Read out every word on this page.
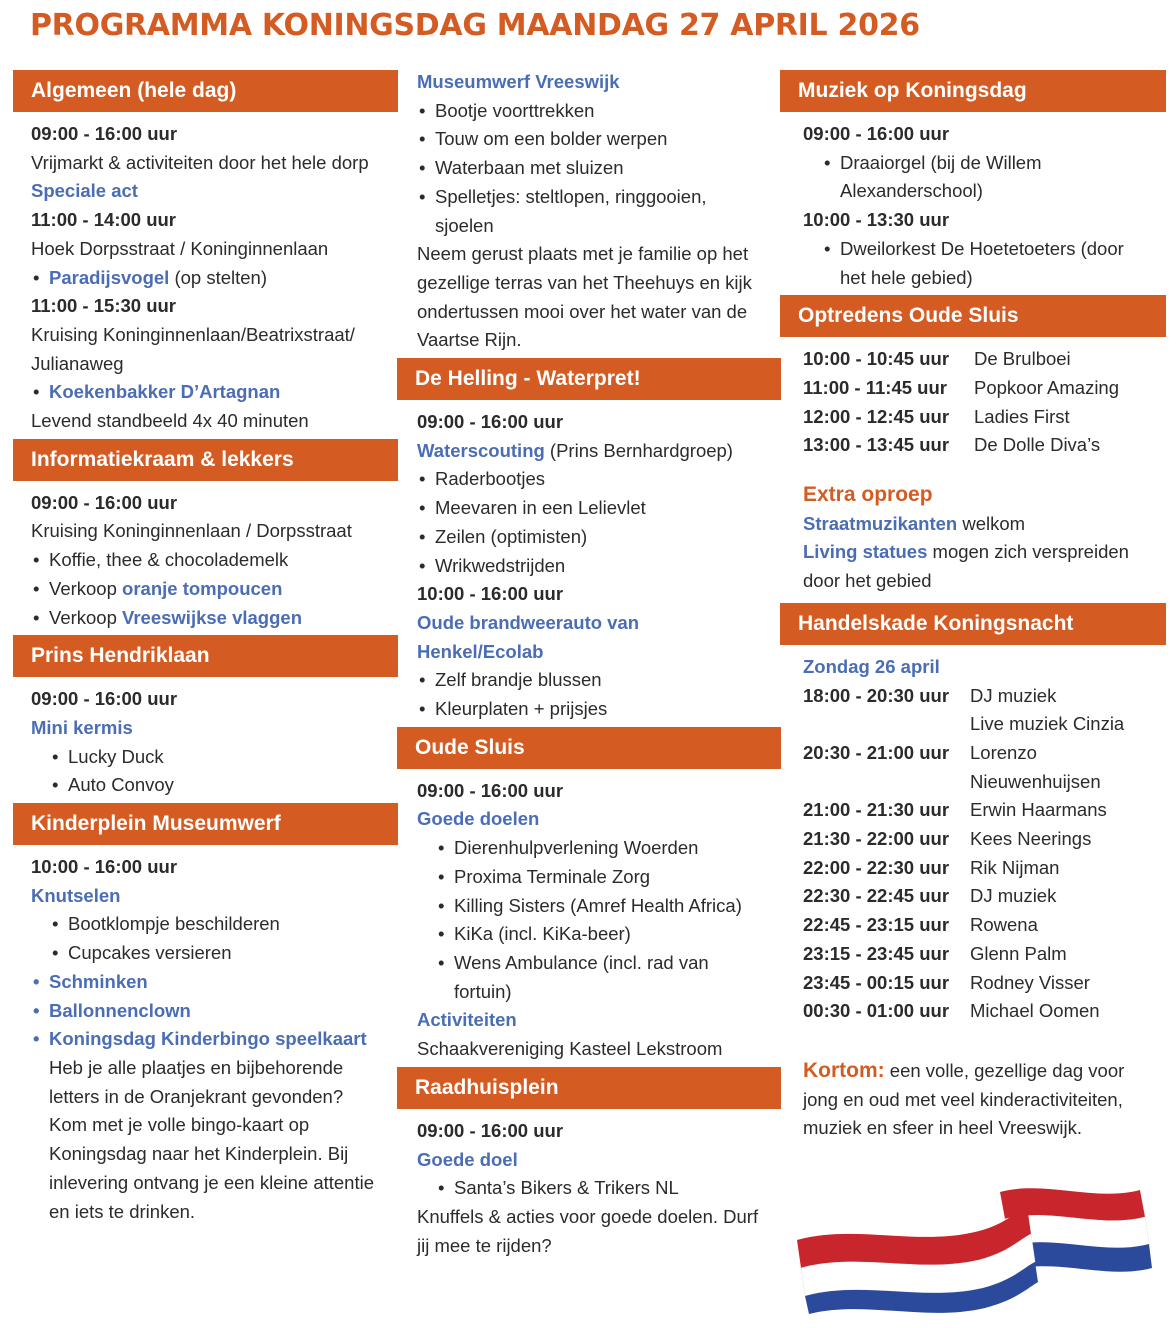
PROGRAMMA KONINGSDAG MAANDAG 27 APRIL 2026
Algemeen (hele dag)
09:00 - 16:00 uur
Vrijmarkt & activiteiten door het hele dorp
Speciale act
11:00 - 14:00 uur
Hoek Dorpsstraat / Koninginnenlaan
• Paradijsvogel (op stelten)
11:00 - 15:30 uur
Kruising Koninginnenlaan/Beatrixstraat/ Julianaweg
• Koekenbakker D’Artagnan
Levend standbeeld 4x 40 minuten
Informatiekraam & lekkers
09:00 - 16:00 uur
Kruising Koninginnenlaan / Dorpsstraat
• Koffie, thee & chocolademelk
• Verkoop oranje tompoucen
• Verkoop Vreeswijkse vlaggen
Prins Hendriklaan
09:00 - 16:00 uur
Mini kermis
• Lucky Duck
• Auto Convoy
Kinderplein Museumwerf
10:00 - 16:00 uur
Knutselen
• Bootklompje beschilderen
• Cupcakes versieren
• Schminken
• Ballonnenclown
• Koningsdag Kinderbingo speelkaart
Heb je alle plaatjes en bijbehorende letters in de Oranjekrant gevonden? Kom met je volle bingo-kaart op Koningsdag naar het Kinderplein. Bij inlevering ontvang je een kleine attentie en iets te drinken.
Museumwerf Vreeswijk
• Bootje voorttrekken
• Touw om een bolder werpen
• Waterbaan met sluizen
• Spelletjes: steltlopen, ringgooien, sjoelen
Neem gerust plaats met je familie op het gezellige terras van het Theehuys en kijk ondertussen mooi over het water van de Vaartse Rijn.
De Helling - Waterpret!
09:00 - 16:00 uur
Waterscouting (Prins Bernhardgroep)
• Raderbootjes
• Meevaren in een Lelievlet
• Zeilen (optimisten)
• Wrikwedstrijden
10:00 - 16:00 uur
Oude brandweerauto van Henkel/Ecolab
• Zelf brandje blussen
• Kleurplaten + prijsjes
Oude Sluis
09:00 - 16:00 uur
Goede doelen
• Dierenhulpverlening Woerden
• Proxima Terminale Zorg
• Killing Sisters (Amref Health Africa)
• KiKa (incl. KiKa-beer)
• Wens Ambulance (incl. rad van fortuin)
Activiteiten
Schaakvereniging Kasteel Lekstroom
Raadhuisplein
09:00 - 16:00 uur
Goede doel
• Santa’s Bikers & Trikers NL
Knuffels & acties voor goede doelen. Durf jij mee te rijden?
Muziek op Koningsdag
09:00 - 16:00 uur
• Draaiorgel (bij de Willem Alexanderschool)
10:00 - 13:30 uur
• Dweilorkest De Hoetetoeters (door het hele gebied)
Optredens Oude Sluis
10:00 - 10:45 uur	De Brulboei
11:00 - 11:45 uur	Popkoor Amazing
12:00 - 12:45 uur	Ladies First
13:00 - 13:45 uur	De Dolle Diva’s
Extra oproep
Straatmuzikanten welkom
Living statues mogen zich verspreiden door het gebied
Handelskade Koningsnacht
Zondag 26 april
18:00 - 20:30 uur	DJ muziek
Live muziek Cinzia
20:30 - 21:00 uur	Lorenzo
Nieuwenhuijsen
21:00 - 21:30 uur	Erwin Haarmans
21:30 - 22:00 uur	Kees Neerings
22:00 - 22:30 uur	Rik Nijman
22:30 - 22:45 uur	DJ muziek
22:45 - 23:15 uur	Rowena
23:15 - 23:45 uur	Glenn Palm
23:45 - 00:15 uur	Rodney Visser
00:30 - 01:00 uur	Michael Oomen
Kortom: een volle, gezellige dag voor jong en oud met veel kinderactiviteiten, muziek en sfeer in heel Vreeswijk.
